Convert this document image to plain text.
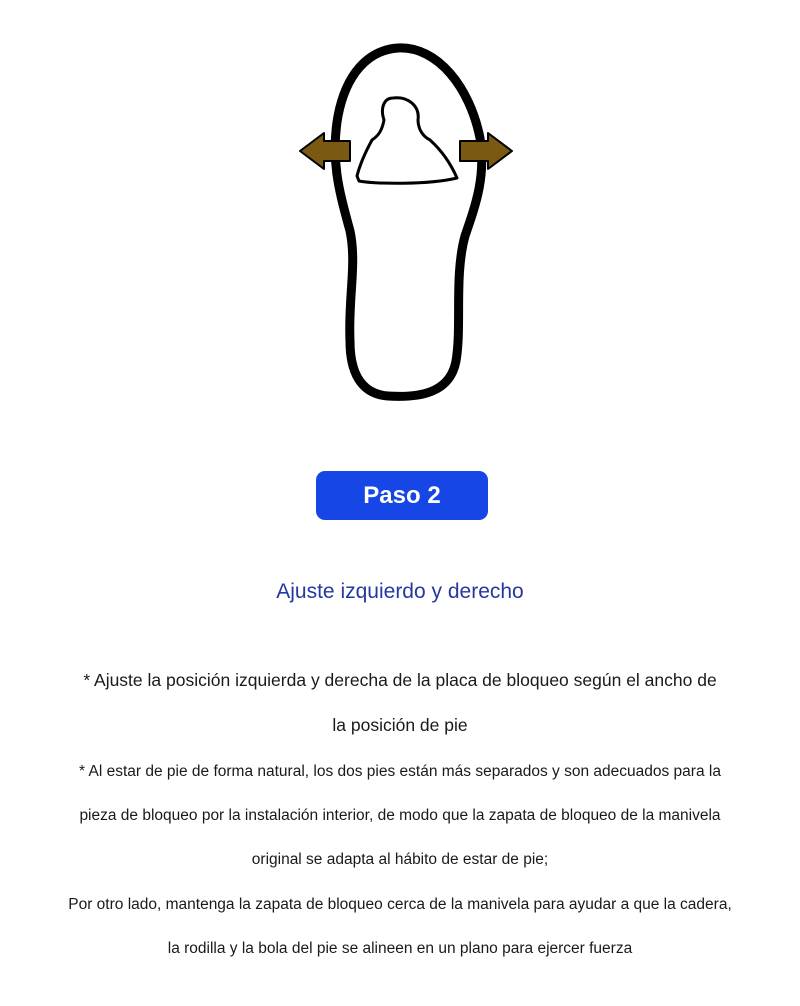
Paso 2
Ajuste izquierdo y derecho
* Ajuste la posición izquierda y derecha de la placa de bloqueo según el ancho de
la posición de pie
* Al estar de pie de forma natural, los dos pies están más separados y son adecuados para la
pieza de bloqueo por la instalación interior, de modo que la zapata de bloqueo de la manivela
original se adapta al hábito de estar de pie;
Por otro lado, mantenga la zapata de bloqueo cerca de la manivela para ayudar a que la cadera,
la rodilla y la bola del pie se alineen en un plano para ejercer fuerza
